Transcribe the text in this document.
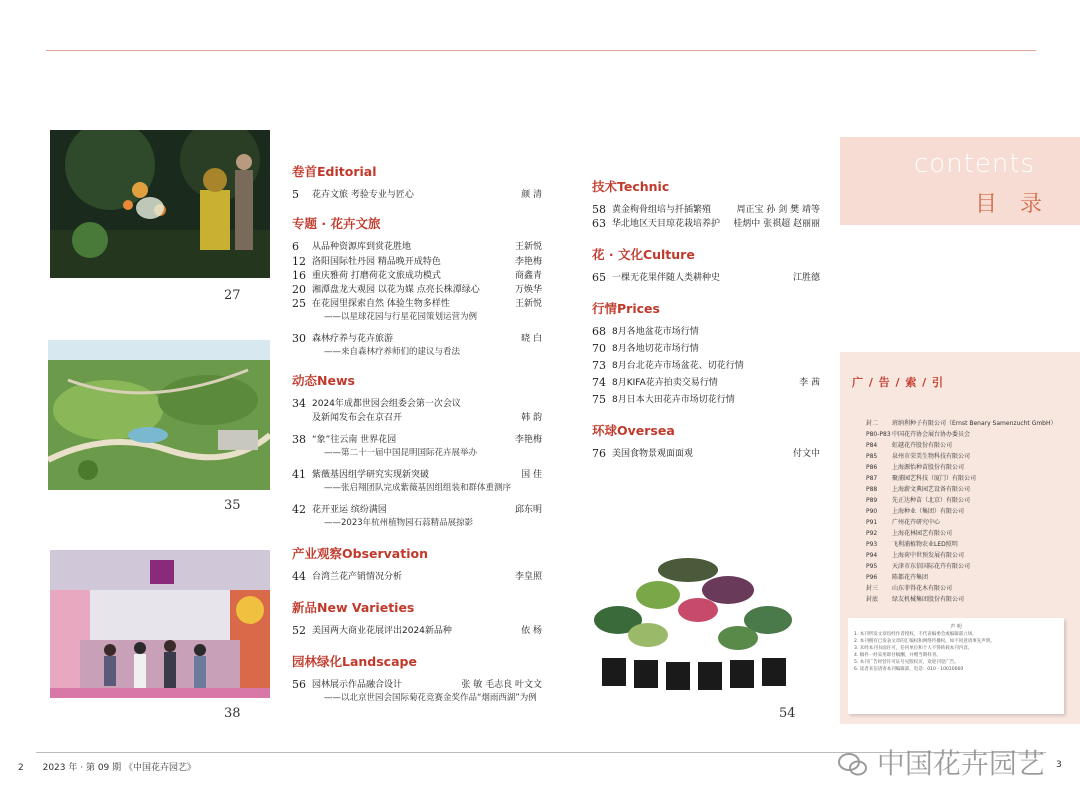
27
35
38	54
卷首Editorial
5	花卉文旅 考验专业与匠心	颜 清
专题 · 花卉文旅
6	从品种资源库到赏花胜地	王新悦
12 洛阳国际牡丹园 精品晚开成特色	李艳梅
16 重庆雅荷 打磨荷花文旅成功模式	商鑫青
20 湘潭盘龙大观园 以花为媒 点亮长株潭绿心	万焕华
25 在花园里探索自然 体验生物多样性	王新悦
——以星球花园与行星花园策划运营为例
30 森林疗养与花卉旅游	晓 白
——来自森林疗养师们的建议与看法
动态News
34 2024年成都世园会组委会第一次会议
及新闻发布会在京召开	韩 韵
38 “象”往云南 世界花园	李艳梅
——第二十一届中国昆明国际花卉展举办
41 紫薇基因组学研究实现新突破	国 佳
——张启翔团队完成紫薇基因组组装和群体重测序
42 花开亚运 缤纷满园	邱东明
——2023年杭州植物园石蒜精品展掠影
产业观察Observation
44 台湾兰花产销情况分析	李皇照
新品New Varieties
52 美国两大商业花展评出2024新品种	依 杨
园林绿化Landscape
56 园林展示作品融合设计	张 敏 毛志良 叶文文
——以北京世园会国际菊花竞赛金奖作品“烟雨西湖”为例
技术Technic
58 黄金枸骨组培与扦插繁殖	周正宝 孙 剑 樊 靖等
63 华北地区天目琼花栽培养护	桂炳中 张祺超 赵丽丽
花 · 文化Culture
65 一棵无花果伴随人类耕种史	江胜德
行情Prices
68 8月各地盆花市场行情
70 8月各地切花市场行情
73 8月台北花卉市场盆花、切花行情
74 8月KIFA花卉拍卖交易行情	李 茜
75 8月日本大田花卉市场切花行情
环球Oversea
76 美国食物景观面面观	付文中
contents
目 录
广 / 告 / 索 / 引
封二	班纳利种子有限公司（Ernst Benary Samenzucht GmbH）
P80-P83 中国花卉协会展台协办委员会
P84	虹越花卉股份有限公司
P85	泉州市荣美生物科技有限公司
P86	上海源怡种苗股份有限公司
P87	聚浦园艺科技（厦门）有限公司
P88	上海薪文典园艺设备有限公司
P89	先正达种苗（北京）有限公司
P90	上海种业（集团）有限公司
P91	广州花卉研究中心
P92	上海花林园艺有限公司
P93	飞利浦植物农业LED照明
P94	上海荷中世预发展有限公司
P95	天津市东信国际花卉有限公司
P96	陈都花卉集团
封三	山东菲得花木有限公司
封底	绿友机械集团股份有限公司
声 明
1. 本刊所发文章均经作者授权，不代表编委会或编辑部立场。
2. 本刊拥有已发表文章的汇编权和网络传播权，如不同意请事先声明。
3. 未经本刊书面许可，任何单位和个人不得转载本刊内容。
4. 稿件一经采用即付稿酬，并赠当期样刊。
5. 本刊广告经营许可证号见版权页，欢迎刊登广告。
6. 读者来信请寄本刊编辑部，电话：010 - 10010060
2 2023 年 · 第 09 期 《中国花卉园艺》	3
中国花卉园艺
